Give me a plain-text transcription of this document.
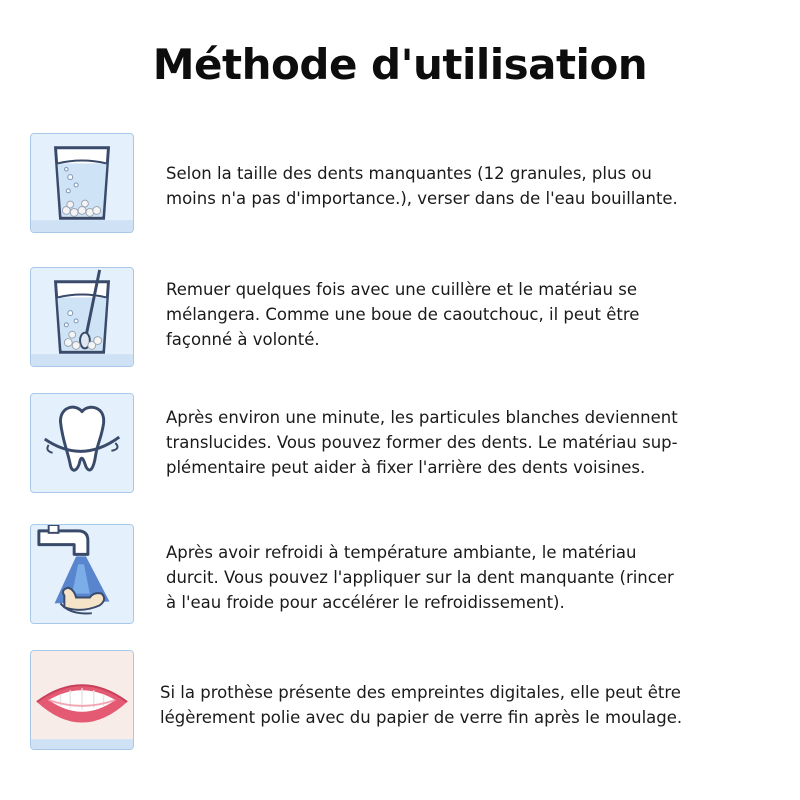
Méthode d'utilisation
Selon la taille des dents manquantes (12 granules, plus ou
moins n'a pas d'importance.), verser dans de l'eau bouillante.
Remuer quelques fois avec une cuillère et le matériau se
mélangera. Comme une boue de caoutchouc, il peut être
façonné à volonté.
Après environ une minute, les particules blanches deviennent
translucides. Vous pouvez former des dents. Le matériau sup-
plémentaire peut aider à fixer l'arrière des dents voisines.
Après avoir refroidi à température ambiante, le matériau
durcit. Vous pouvez l'appliquer sur la dent manquante (rincer
à l'eau froide pour accélérer le refroidissement).
Si la prothèse présente des empreintes digitales, elle peut être
légèrement polie avec du papier de verre fin après le moulage.
